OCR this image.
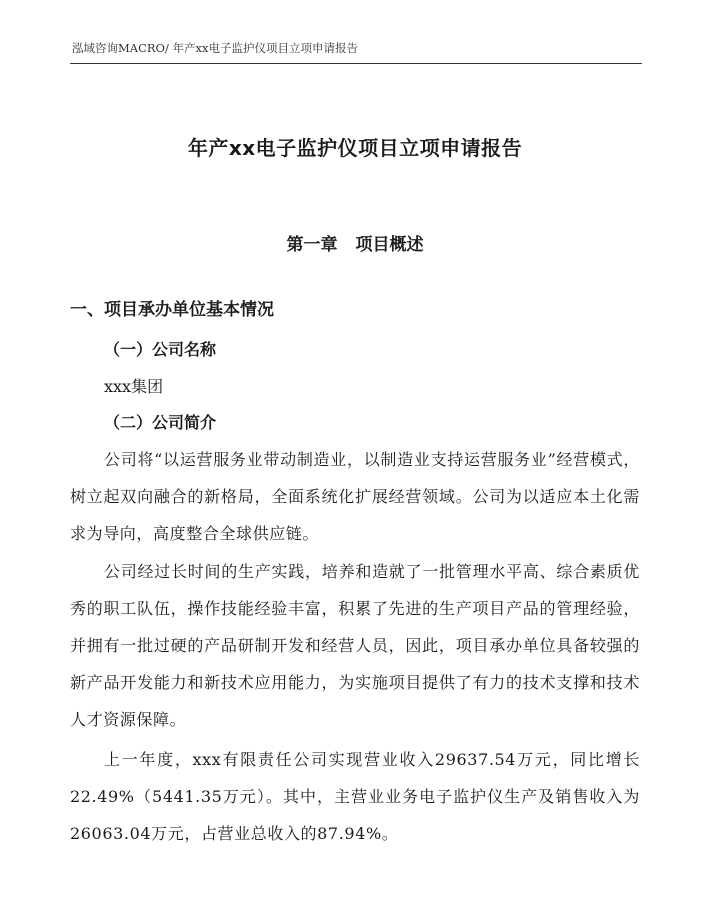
泓域咨询MACRO/ 年产xx电子监护仪项目立项申请报告
年产xx电子监护仪项目立项申请报告
第一章 项目概述
一、项目承办单位基本情况
（一）公司名称
xxx集团
（二）公司简介

公司将“以运营服务业带动制造业，以制造业支持运营服务业”经营模式，树立起双向融合的新格局，全面系统化扩展经营领域。公司为以适应本土化需求为导向，高度整合全球供应链。

公司经过长时间的生产实践，培养和造就了一批管理水平高、综合素质优秀的职工队伍，操作技能经验丰富，积累了先进的生产项目产品的管理经验，并拥有一批过硬的产品研制开发和经营人员，因此，项目承办单位具备较强的新产品开发能力和新技术应用能力，为实施项目提供了有力的技术支撑和技术人才资源保障。

上一年度，xxx有限责任公司实现营业收入29637.54万元，同比增长22.49%（5441.35万元）。其中，主营业业务电子监护仪生产及销售收入为26063.04万元，占营业总收入的87.94%。
